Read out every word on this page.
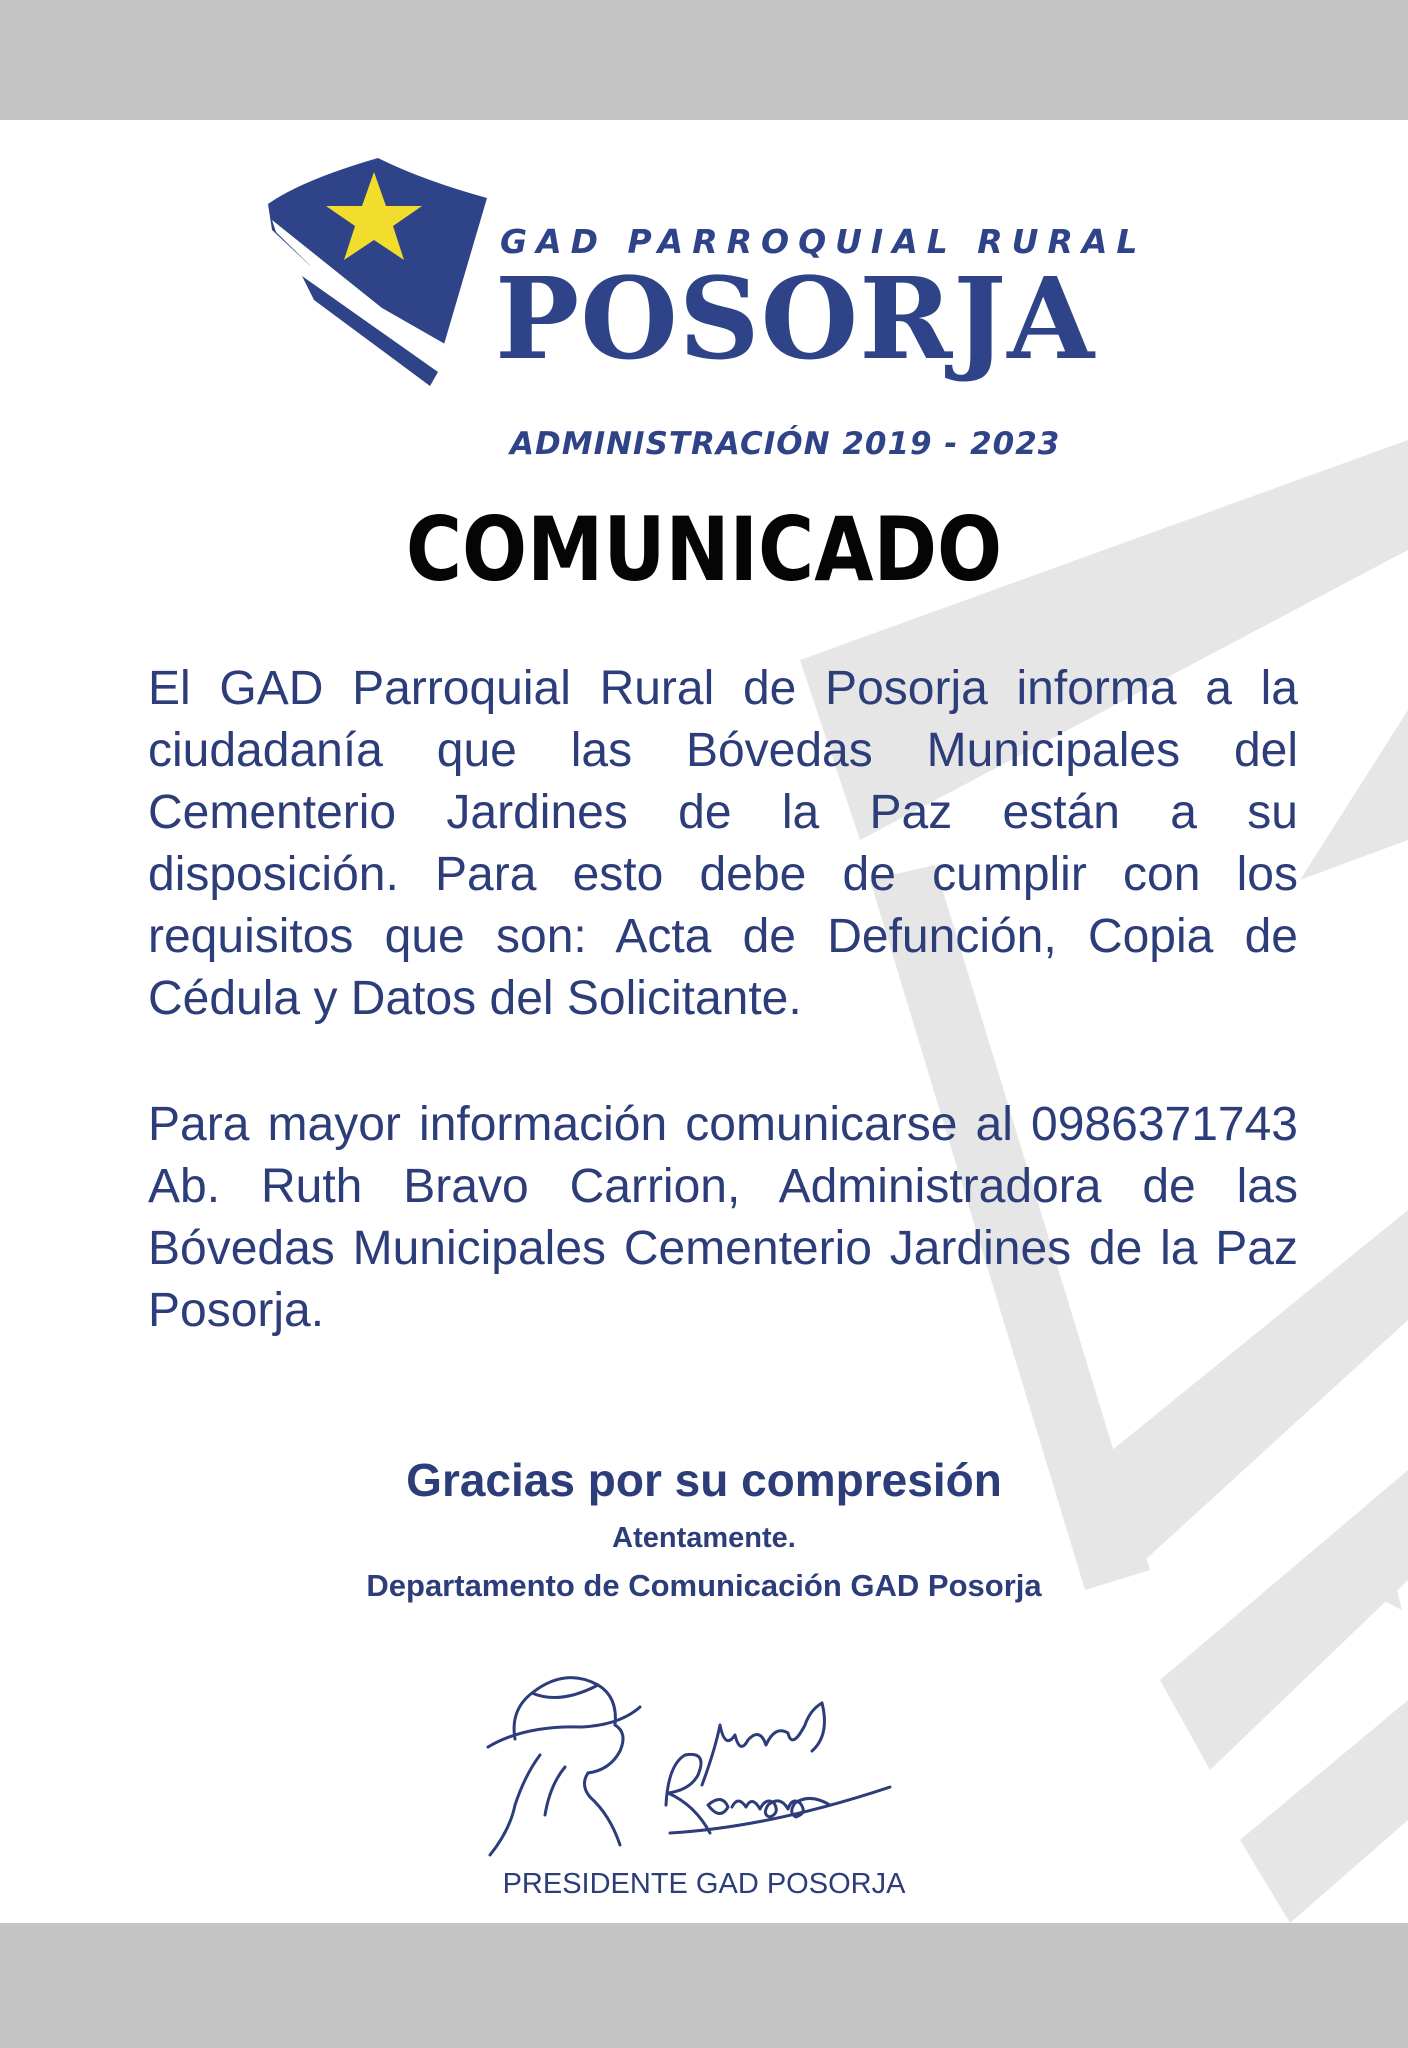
GAD PARROQUIAL RURAL
POSORJA
ADMINISTRACIÓN 2019 - 2023
COMUNICADO

El GAD Parroquial Rural de Posorja informa a la ciudadanía que las Bóvedas Municipales del Cementerio Jardines de la Paz están a su disposición. Para esto debe de cumplir con los requisitos que son: Acta de Defunción, Copia de Cédula y Datos del Solicitante.

Para mayor información comunicarse al 0986371743 Ab. Ruth Bravo Carrion, Administradora de las Bóvedas Municipales Cementerio Jardines de la Paz Posorja.

Gracias por su compresión
Atentamente.
Departamento de Comunicación GAD Posorja
PRESIDENTE GAD POSORJA
